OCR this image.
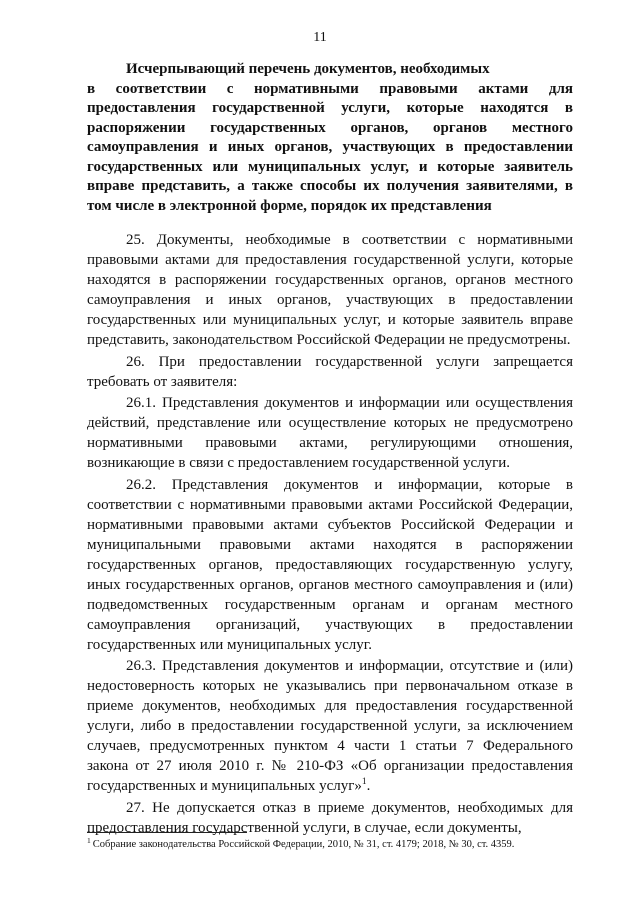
11
Исчерпывающий перечень документов, необходимых
в соответствии с нормативными правовыми актами для предоставления государственной услуги, которые находятся в распоряжении государственных органов, органов местного самоуправления и иных органов, участвующих в предоставлении государственных или муниципальных услуг, и которые заявитель вправе представить, а также способы их получения заявителями, в том числе в электронной форме, порядок их представления

25. Документы, необходимые в соответствии с нормативными правовыми актами для предоставления государственной услуги, которые находятся в распоряжении государственных органов, органов местного самоуправления и иных органов, участвующих в предоставлении государственных или муниципальных услуг, и которые заявитель вправе представить, законодательством Российской Федерации не предусмотрены.

26. При предоставлении государственной услуги запрещается требовать от заявителя:

26.1. Представления документов и информации или осуществления действий, представление или осуществление которых не предусмотрено нормативными правовыми актами, регулирующими отношения, возникающие в связи с предоставлением государственной услуги.

26.2. Представления документов и информации, которые в соответствии с нормативными правовыми актами Российской Федерации, нормативными правовыми актами субъектов Российской Федерации и муниципальными правовыми актами находятся в распоряжении государственных органов, предоставляющих государственную услугу, иных государственных органов, органов местного самоуправления и (или) подведомственных государственным органам и органам местного самоуправления организаций, участвующих в предоставлении государственных или муниципальных услуг.

26.3. Представления документов и информации, отсутствие и (или) недостоверность которых не указывались при первоначальном отказе в приеме документов, необходимых для предоставления государственной услуги, либо в предоставлении государственной услуги, за исключением случаев, предусмотренных пунктом 4 части 1 статьи 7 Федерального закона от 27 июля 2010 г. № 210-ФЗ «Об организации предоставления государственных и муниципальных услуг»$^1$.

27. Не допускается отказ в приеме документов, необходимых для предоставления государственной услуги, в случае, если документы,

$^1$ Собрание законодательства Российской Федерации, 2010, № 31, ст. 4179; 2018, № 30, ст. 4359.
